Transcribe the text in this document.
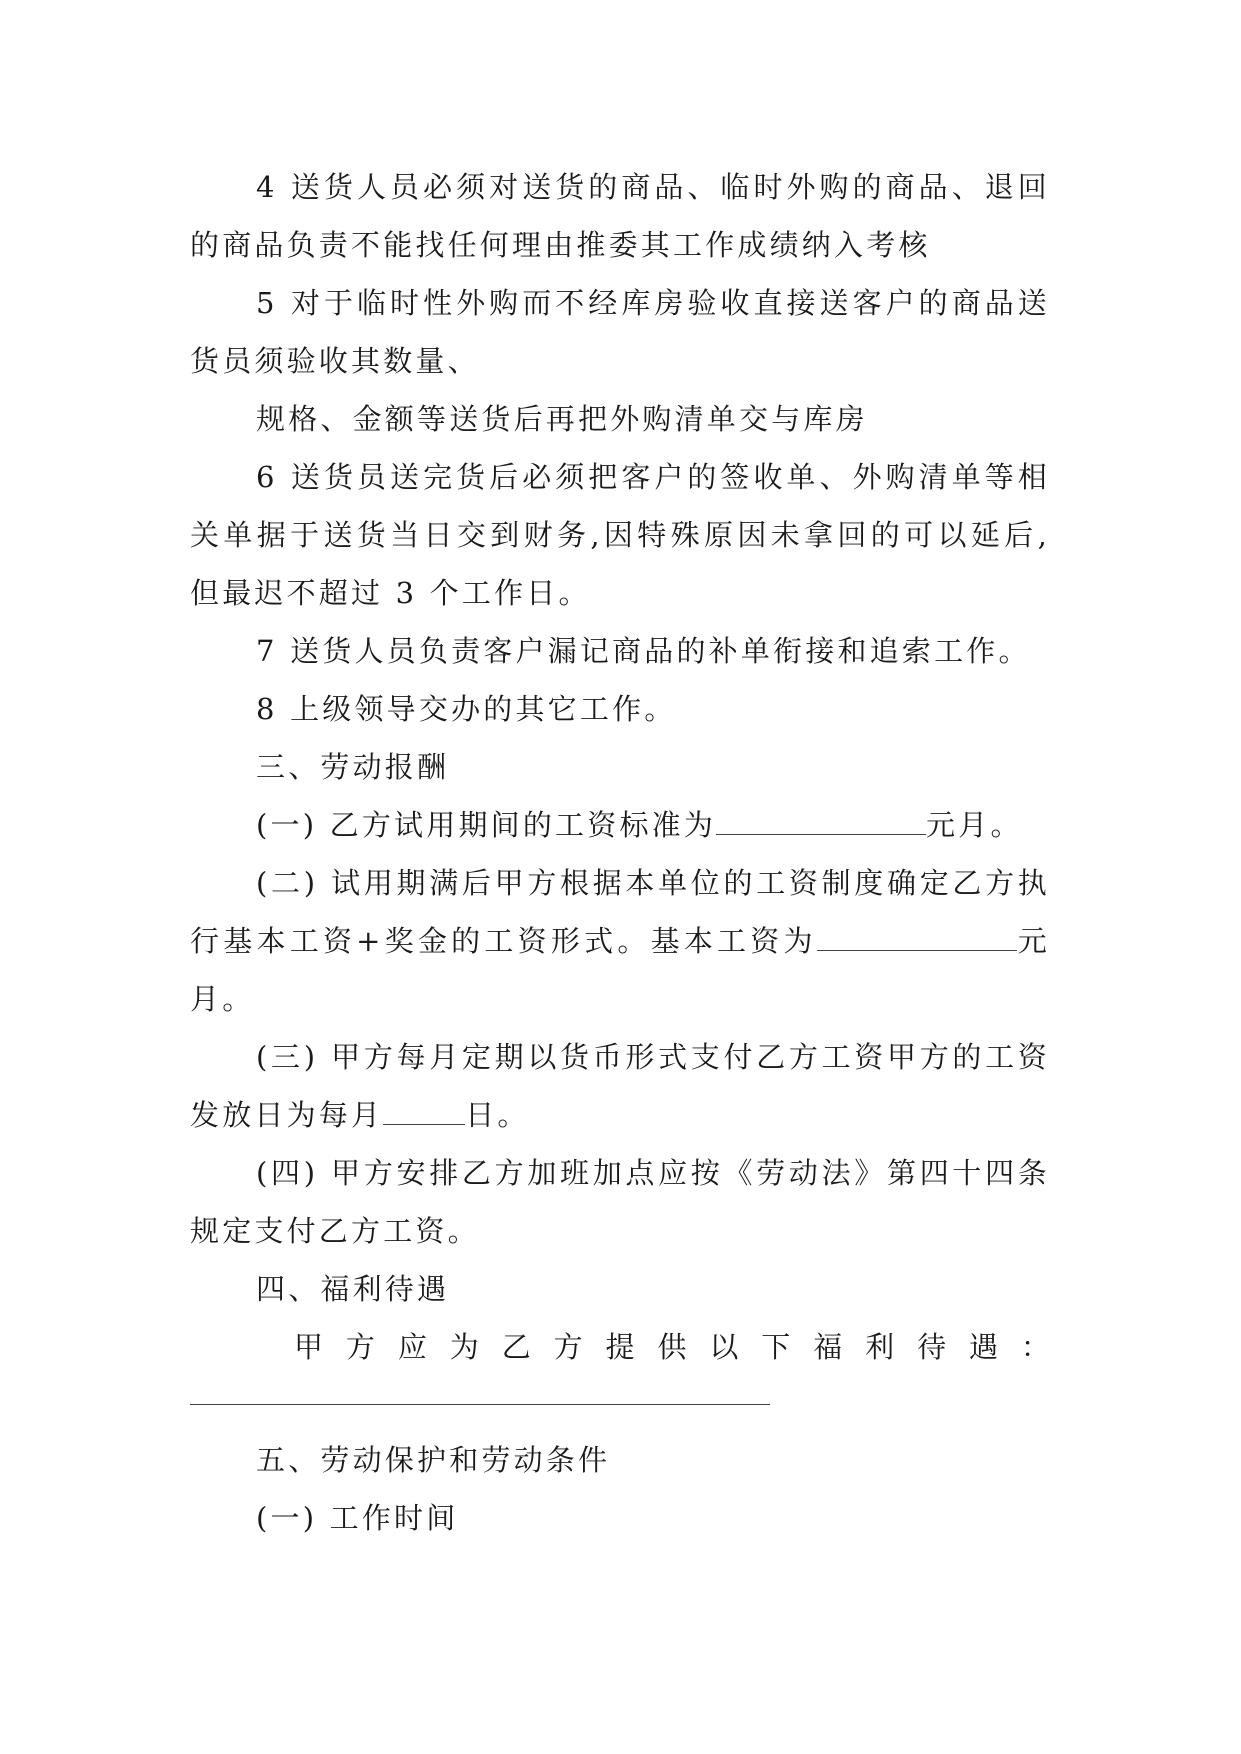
4 送货人员必须对送货的商品、临时外购的商品、退回的商品负责不能找任何理由推委其工作成绩纳入考核

5 对于临时性外购而不经库房验收直接送客户的商品送货员须验收其数量、

规格、金额等送货后再把外购清单交与库房

6 送货员送完货后必须把客户的签收单、外购清单等相关单据于送货当日交到财务,因特殊原因未拿回的可以延后,但最迟不超过 3 个工作日。

7 送货人员负责客户漏记商品的补单衔接和追索工作。

8 上级领导交办的其它工作。

三、劳动报酬

(一) 乙方试用期间的工资标准为	元月。

(二) 试用期满后甲方根据本单位的工资制度确定乙方执行基本工资+奖金的工资形式。基本工资为	元月。

(三) 甲方每月定期以货币形式支付乙方工资甲方的工资发放日为每月	日。

(四) 甲方安排乙方加班加点应按《劳动法》第四十四条规定支付乙方工资。

四、福利待遇

甲 方 应 为 乙 方 提 供 以 下 福 利 待 遇 ：

五、劳动保护和劳动条件

(一) 工作时间
